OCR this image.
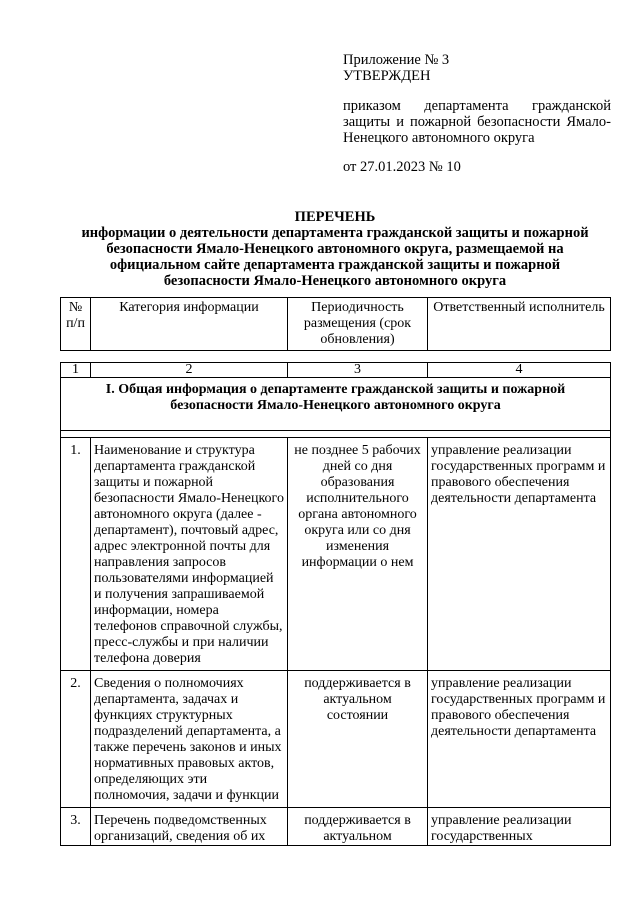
Приложение № 3
УТВЕРЖДЕН
приказом департамента гражданской защиты и пожарной безопасности Ямало-Ненецкого автономного округа
от 27.01.2023 № 10
ПЕРЕЧЕНЬ
информации о деятельности департамента гражданской защиты и пожарной
безопасности Ямало-Ненецкого автономного округа, размещаемой на
официальном сайте департамента гражданской защиты и пожарной
безопасности Ямало-Ненецкого автономного округа
№ п/п	Категория информации	Периодичность размещения (срок обновления)	Ответственный исполнитель
1	2	3	4
I. Общая информация о департаменте гражданской защиты и пожарной безопасности Ямало-Ненецкого автономного округа			

1.	Наименование и структура департамента гражданской защиты и пожарной безопасности Ямало-Ненецкого автономного округа (далее - департамент), почтовый адрес, адрес электронной почты для направления запросов пользователями информацией и получения запрашиваемой информации, номера телефонов справочной службы, пресс-службы и при наличии телефона доверия	не позднее 5 рабочих дней со дня образования исполнительного органа автономного округа или со дня изменения информации о нем	управление реализации государственных программ и правового обеспечения деятельности департамента
2.	Сведения о полномочиях департамента, задачах и функциях структурных подразделений департамента, а также перечень законов и иных нормативных правовых актов, определяющих эти полномочия, задачи и функции	поддерживается в актуальном состоянии	управление реализации государственных программ и правового обеспечения деятельности департамента

3.	Перечень подведомственных организаций, сведения об их	поддерживается в актуальном	управление реализации государственных
